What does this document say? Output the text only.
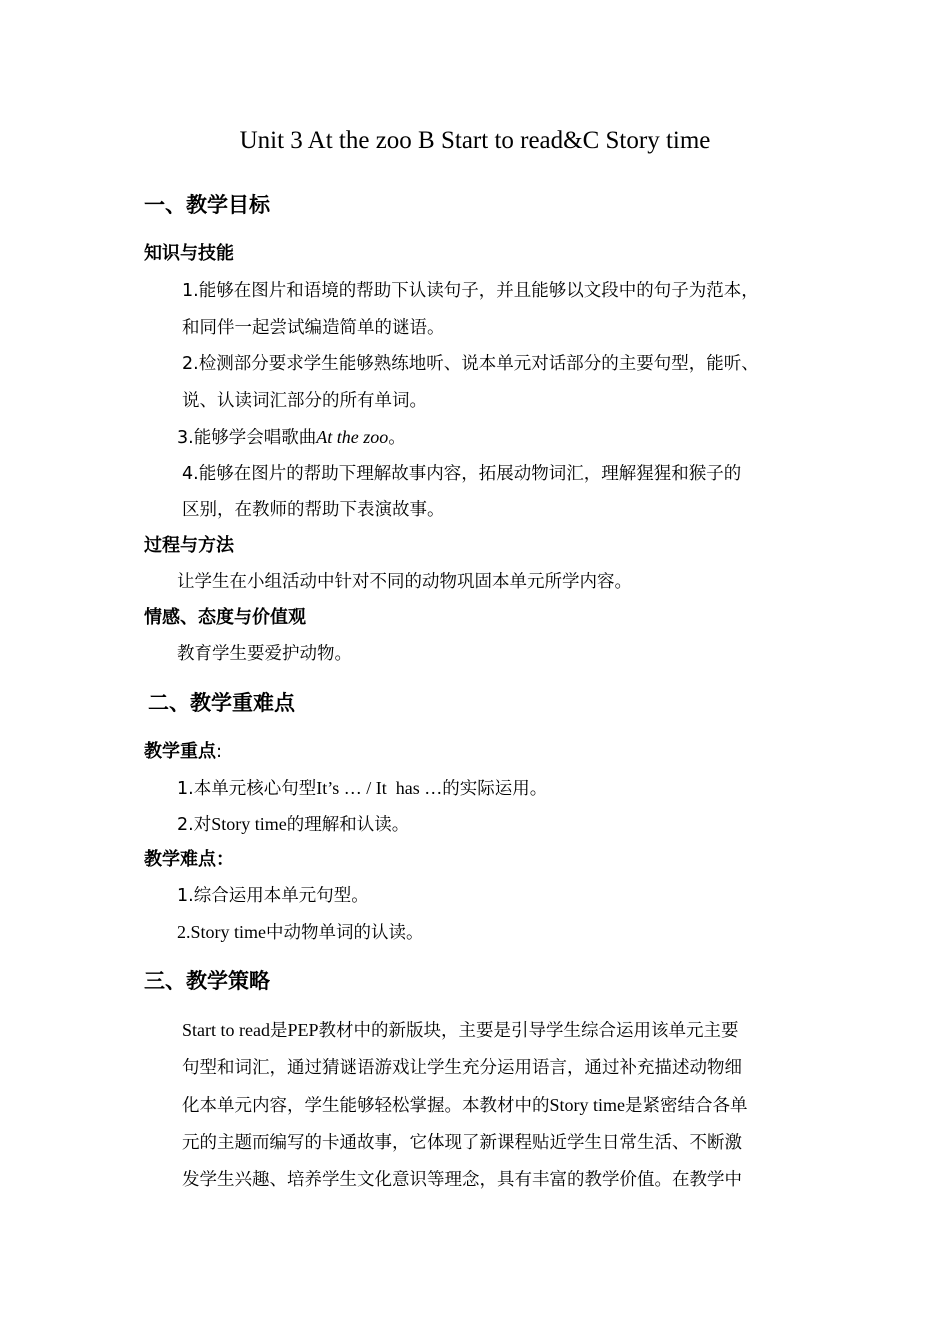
Unit 3 At the zoo B Start to read&C Story time
一、教学目标
知识与技能
1.能够在图片和语境的帮助下认读句子，并且能够以文段中的句子为范本，
和同伴一起尝试编造简单的谜语。
2.检测部分要求学生能够熟练地听、说本单元对话部分的主要句型，能听、
说、认读词汇部分的所有单词。
3.能够学会唱歌曲At the zoo。
4.能够在图片的帮助下理解故事内容，拓展动物词汇，理解猩猩和猴子的
区别，在教师的帮助下表演故事。
过程与方法
让学生在小组活动中针对不同的动物巩固本单元所学内容。
情感、态度与价值观
教育学生要爱护动物。
二、教学重难点
教学重点:
1.本单元核心句型It’s … / It  has …的实际运用。
2.对Story time的理解和认读。
教学难点：
1.综合运用本单元句型。
2.Story time中动物单词的认读。
三、教学策略
Start to read是PEP教材中的新版块，主要是引导学生综合运用该单元主要
句型和词汇，通过猜谜语游戏让学生充分运用语言，通过补充描述动物细
化本单元内容，学生能够轻松掌握。本教材中的Story time是紧密结合各单
元的主题而编写的卡通故事，它体现了新课程贴近学生日常生活、不断激
发学生兴趣、培养学生文化意识等理念，具有丰富的教学价值。在教学中
